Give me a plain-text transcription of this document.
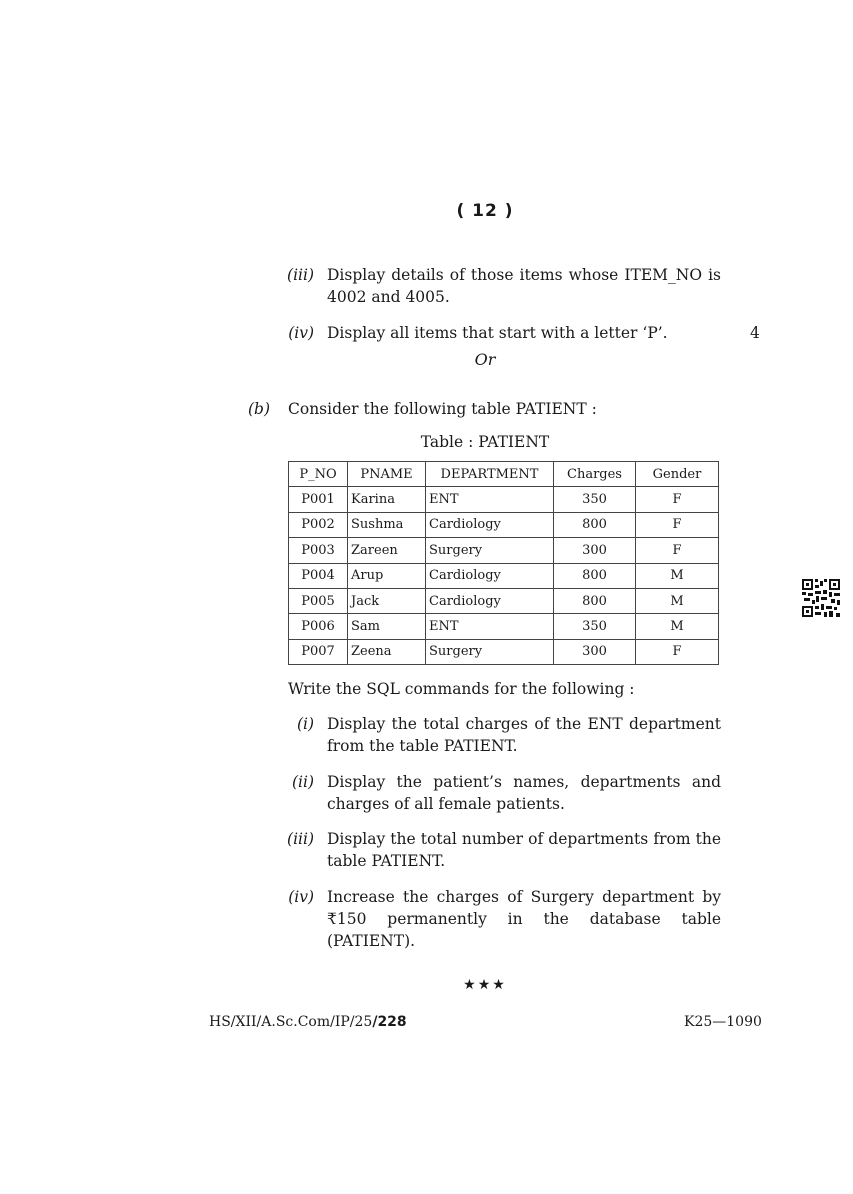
( 12 )
(iii) Display details of those items whose ITEM_NO is 4002 and 4005.
(iv) Display all items that start with a letter ‘P’.	4
Or
(b) Consider the following table PATIENT :
Table : PATIENT
P_NO	PNAME	DEPARTMENT	Charges	Gender
P001	Karina	ENT	350	F
P002	Sushma	Cardiology	800	F
P003	Zareen	Surgery	300	F
P004	Arup	Cardiology	800	M
P005	Jack	Cardiology	800	M
P006	Sam	ENT	350	M
P007	Zeena	Surgery	300	F
Write the SQL commands for the following :
(i) Display the total charges of the ENT department from the table PATIENT.
(ii) Display the patient’s names, departments and charges of all female patients.
(iii) Display the total number of departments from the table PATIENT.
(iv) Increase the charges of Surgery department by ₹150 permanently in the database table (PATIENT).
★★★
HS/XII/A.Sc.Com/IP/25/228	K25—1090
